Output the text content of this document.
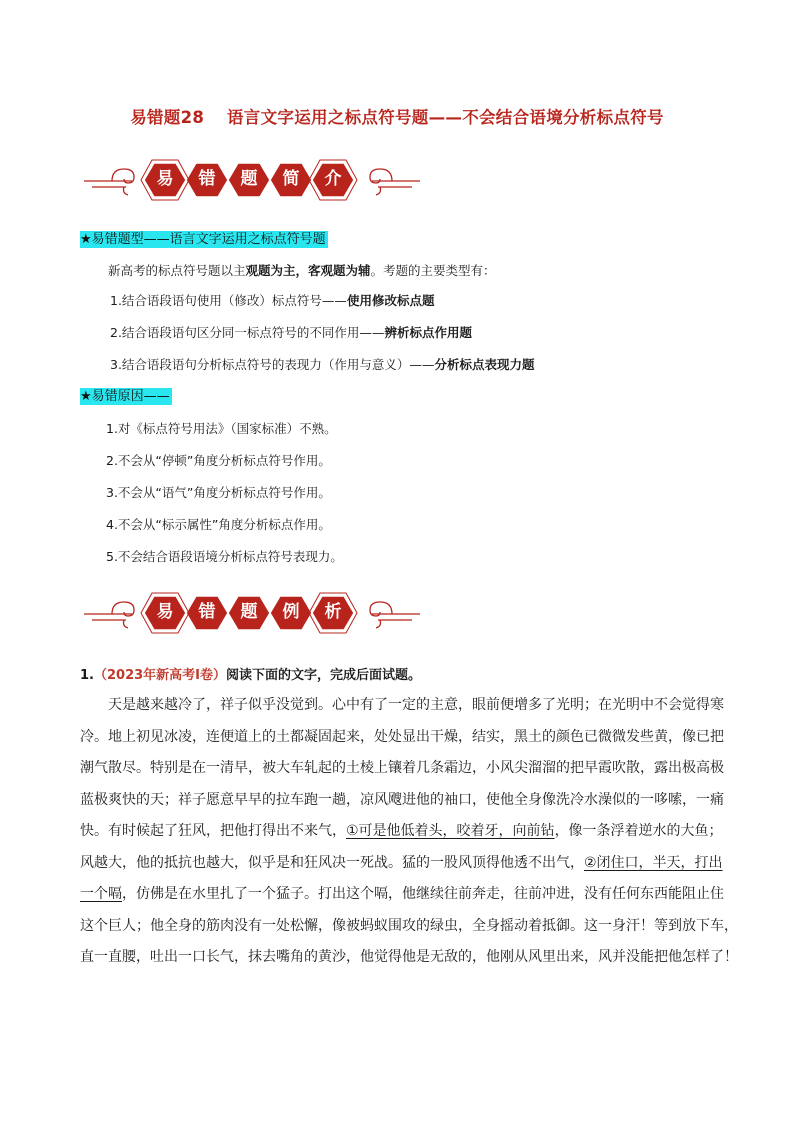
易错题28　 语言文字运用之标点符号题——不会结合语境分析标点符号
易	错	题	简	介
★易错题型——语言文字运用之标点符号题
新高考的标点符号题以主观题为主，客观题为辅。考题的主要类型有：
1.结合语段语句使用（修改）标点符号——使用修改标点题
2.结合语段语句区分同一标点符号的不同作用——辨析标点作用题
3.结合语段语句分析标点符号的表现力（作用与意义）——分析标点表现力题
★易错原因——
1.对《标点符号用法》（国家标准）不熟。
2.不会从“停顿”角度分析标点符号作用。
3.不会从“语气”角度分析标点符号作用。
4.不会从“标示属性”角度分析标点作用。
5.不会结合语段语境分析标点符号表现力。
易	错	题	例	析
1.（2023年新高考Ⅰ卷）阅读下面的文字，完成后面试题。
　　天是越来越冷了，祥子似乎没觉到。心中有了一定的主意，眼前便增多了光明；在光明中不会觉得寒
冷。地上初见冰凌，连便道上的土都凝固起来，处处显出干燥，结实，黑土的颜色已微微发些黄，像已把
潮气散尽。特别是在一清早，被大车轧起的土棱上镶着几条霜边，小风尖溜溜的把早霞吹散，露出极高极
蓝极爽快的天；祥子愿意早早的拉车跑一趟，凉风飕进他的袖口，使他全身像洗冷水澡似的一哆嗦，一痛
快。有时候起了狂风，把他打得出不来气，①可是他低着头，咬着牙，向前钻，像一条浮着逆水的大鱼；
风越大，他的抵抗也越大，似乎是和狂风决一死战。猛的一股风顶得他透不出气，②闭住口，半天，打出
一个嗝，仿佛是在水里扎了一个猛子。打出这个嗝，他继续往前奔走，往前冲进，没有任何东西能阻止住
这个巨人；他全身的筋肉没有一处松懈，像被蚂蚁围攻的绿虫，全身摇动着抵御。这一身汗！等到放下车，
直一直腰，吐出一口长气，抹去嘴角的黄沙，他觉得他是无敌的，他刚从风里出来，风并没能把他怎样了！
